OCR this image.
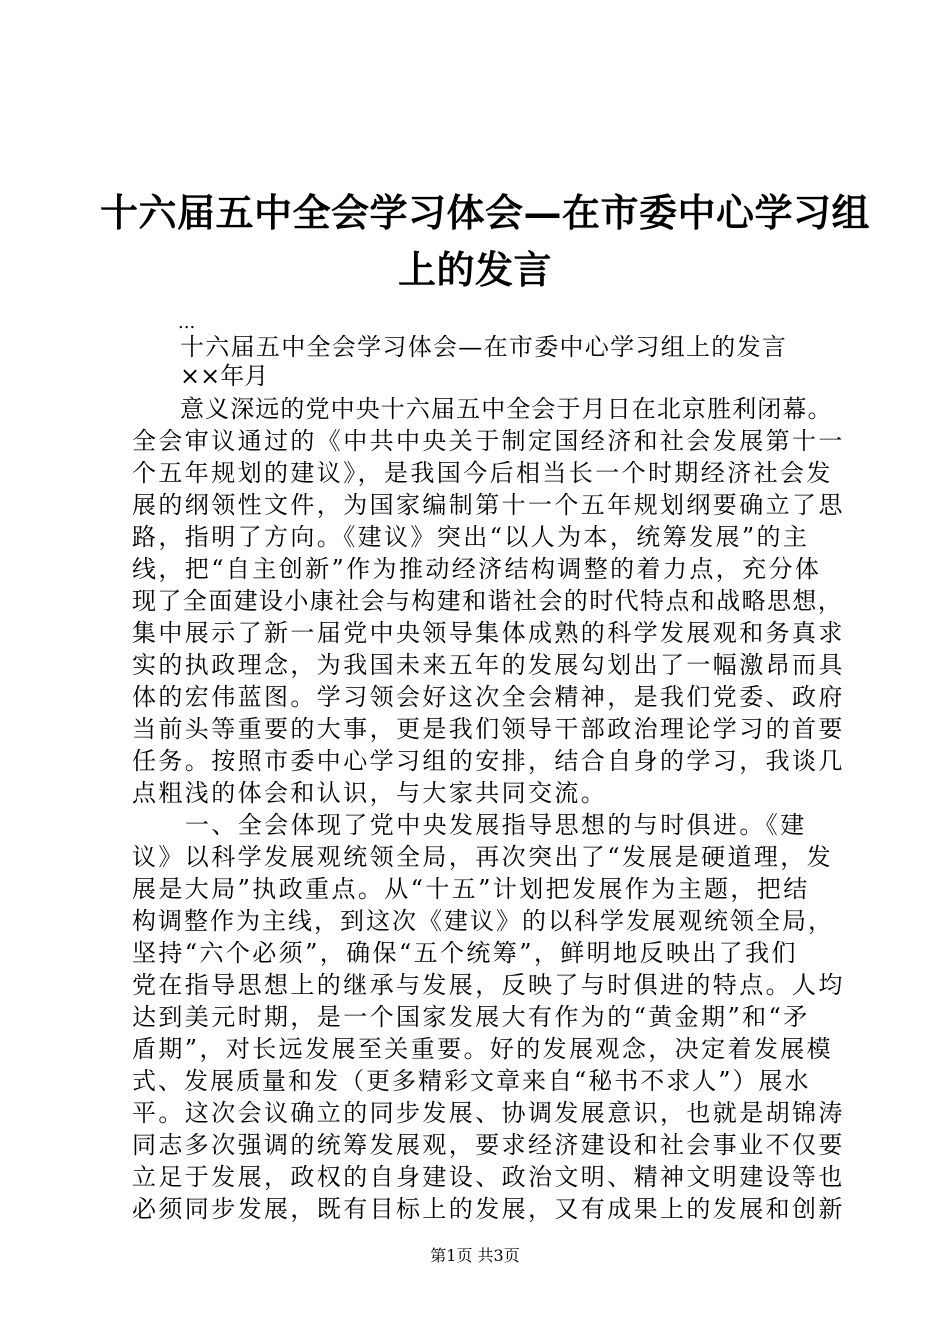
十六届五中全会学习体会—在市委中心学习组
上的发言
...
十六届五中全会学习体会—在市委中心学习组上的发言
××年月
意义深远的党中央十六届五中全会于月日在北京胜利闭幕。
全会审议通过的《中共中央关于制定国经济和社会发展第十一
个五年规划的建议》，是我国今后相当长一个时期经济社会发
展的纲领性文件，为国家编制第十一个五年规划纲要确立了思
路，指明了方向。《建议》突出“以人为本，统筹发展”的主
线，把“自主创新”作为推动经济结构调整的着力点，充分体
现了全面建设小康社会与构建和谐社会的时代特点和战略思想，
集中展示了新一届党中央领导集体成熟的科学发展观和务真求
实的执政理念，为我国未来五年的发展勾划出了一幅激昂而具
体的宏伟蓝图。学习领会好这次全会精神，是我们党委、政府
当前头等重要的大事，更是我们领导干部政治理论学习的首要
任务。按照市委中心学习组的安排，结合自身的学习，我谈几
点粗浅的体会和认识，与大家共同交流。
一、全会体现了党中央发展指导思想的与时俱进。《建
议》以科学发展观统领全局，再次突出了“发展是硬道理，发
展是大局”执政重点。从“十五”计划把发展作为主题，把结
构调整作为主线，到这次《建议》的以科学发展观统领全局，
坚持“六个必须”，确保“五个统筹”，鲜明地反映出了我们
党在指导思想上的继承与发展，反映了与时俱进的特点。人均
达到美元时期，是一个国家发展大有作为的“黄金期”和“矛
盾期”，对长远发展至关重要。好的发展观念，决定着发展模
式、发展质量和发（更多精彩文章来自“秘书不求人”）展水
平。这次会议确立的同步发展、协调发展意识，也就是胡锦涛
同志多次强调的统筹发展观，要求经济建设和社会事业不仅要
立足于发展，政权的自身建设、政治文明、精神文明建设等也
必须同步发展，既有目标上的发展，又有成果上的发展和创新
第1页 共3页
